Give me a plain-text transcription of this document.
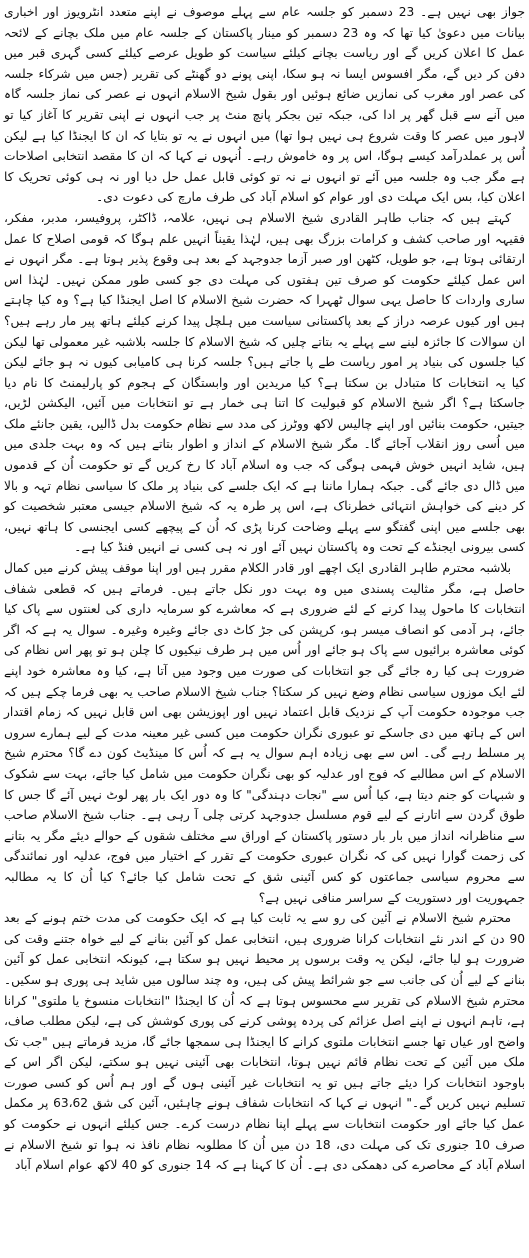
جواز بھی نہیں ہے۔ 23 دسمبر کو جلسہ عام سے پہلے موصوف نے اپنے متعدد انٹرویوز اور اخباری بیانات میں دعویٰ کیا تھا کہ وہ 23 دسمبر کو مینار پاکستان کے جلسہ عام میں ملک بچانے کے لائحہ عمل کا اعلان کریں گے اور ریاست بچانے کیلئے سیاست کو طویل عرصے کیلئے کسی گہری قبر میں دفن کر دیں گے، مگر افسوس ایسا نہ ہو سکا، اپنی پونے دو گھنٹے کی تقریر (جس میں شرکاء جلسہ کی عصر اور مغرب کی نمازیں ضائع ہوئیں اور بقول شیخ الاسلام انہوں نے عصر کی نماز جلسہ گاہ میں آنے سے قبل گھر پر ادا کی، جبکہ تین بجکر پانچ منٹ پر جب انہوں نے اپنی تقریر کا آغاز کیا تو لاہور میں عصر کا وقت شروع ہی نہیں ہوا تھا) میں انہوں نے یہ تو بتایا کہ ان کا ایجنڈا کیا ہے لیکن اُس پر عملدرآمد کیسے ہوگا، اس پر وہ خاموش رہے۔ اُنہوں نے کہا کہ ان کا مقصد انتخابی اصلاحات ہے مگر جب وہ جلسہ میں آئے تو انہوں نے نہ تو کوئی قابل عمل حل دیا اور نہ ہی کوئی تحریک کا اعلان کیا، بس ایک مہلت دی اور عوام کو اسلام آباد کی طرف مارچ کی دعوت دی۔

کہتے ہیں کہ جناب طاہر القادری شیخ الاسلام ہی نہیں، علامہ، ڈاکٹر، پروفیسر، مدبر، مفکر، فقیہہ اور صاحب کشف و کرامات بزرگ بھی ہیں، لہٰذا یقیناً انہیں علم ہوگا کہ قومی اصلاح کا عمل ارتقائی ہوتا ہے، جو طویل، کٹھن اور صبر آزما جدوجہد کے بعد ہی وقوع پذیر ہوتا ہے۔ مگر انہوں نے اس عمل کیلئے حکومت کو صرف تین ہفتوں کی مہلت دی جو کسی طور ممکن نہیں۔ لہٰذا اس ساری واردات کا حاصل یہی سوال ٹھہرا کہ حضرت شیخ الاسلام کا اصل ایجنڈا کیا ہے؟ وہ کیا چاہتے ہیں اور کیوں عرصہ دراز کے بعد پاکستانی سیاست میں ہلچل پیدا کرنے کیلئے ہاتھ پیر مار رہے ہیں؟ ان سوالات کا جائزہ لینے سے پہلے یہ بتاتے چلیں کہ شیخ الاسلام کا جلسہ بلاشبہ غیر معمولی تھا لیکن کیا جلسوں کی بنیاد پر امور ریاست طے پا جاتے ہیں؟ جلسہ کرنا ہی کامیابی کیوں نہ ہو جائے لیکن کیا یہ انتخابات کا متبادل بن سکتا ہے؟ کیا مریدین اور وابستگان کے ہجوم کو پارلیمنٹ کا نام دیا جاسکتا ہے؟ اگر شیخ الاسلام کو قبولیت کا اتنا ہی خمار ہے تو انتخابات میں آئیں، الیکشن لڑیں، جیتیں، حکومت بنائیں اور اپنے چالیس لاکھ ووٹرز کی مدد سے نظام حکومت بدل ڈالیں، یقین جانئے ملک میں اُسی روز انقلاب آجائے گا۔ مگر شیخ الاسلام کے انداز و اطوار بتاتے ہیں کہ وہ بہت جلدی میں ہیں، شاید انہیں خوش فہمی ہوگی کہ جب وہ اسلام آباد کا رخ کریں گے تو حکومت اُن کے قدموں میں ڈال دی جائے گی۔ جبکہ ہمارا ماننا ہے کہ ایک جلسے کی بنیاد پر ملک کا سیاسی نظام تہہ و بالا کر دینے کی خواہش انتہائی خطرناک ہے، اس پر طرہ یہ کہ شیخ الاسلام جیسی معتبر شخصیت کو بھی جلسے میں اپنی گفتگو سے پہلے وضاحت کرنا پڑی کہ اُن کے پیچھے کسی ایجنسی کا ہاتھ نہیں، کسی بیرونی ایجنڈے کے تحت وہ پاکستان نہیں آئے اور نہ ہی کسی نے انہیں فنڈ کیا ہے۔

بلاشبہ محترم طاہر القادری ایک اچھے اور قادر الکلام مقرر ہیں اور اپنا موقف پیش کرنے میں کمال حاصل ہے، مگر مثالیت پسندی میں وہ بہت دور نکل جاتے ہیں۔ فرماتے ہیں کہ قطعی شفاف انتخابات کا ماحول پیدا کرنے کے لئے ضروری ہے کہ معاشرے کو سرمایہ داری کی لعنتوں سے پاک کیا جائے، ہر آدمی کو انصاف میسر ہو، کرپشن کی جڑ کاٹ دی جائے وغیرہ وغیرہ۔ سوال یہ ہے کہ اگر کوئی معاشرہ برائیوں سے پاک ہو جائے اور اُس میں ہر طرف نیکیوں کا چلن ہو تو پھر اس نظام کی ضرورت ہی کیا رہ جائے گی جو انتخابات کی صورت میں وجود میں آتا ہے، کیا وہ معاشرہ خود اپنے لئے ایک موزوں سیاسی نظام وضع نہیں کر سکتا؟ جناب شیخ الاسلام صاحب یہ بھی فرما چکے ہیں کہ جب موجودہ حکومت آپ کے نزدیک قابل اعتماد نہیں اور اپوزیشن بھی اس قابل نہیں کہ زمام اقتدار اس کے ہاتھ میں دی جاسکے تو عبوری نگران حکومت میں کسی غیر معینہ مدت کے لیے ہمارے سروں پر مسلط رہے گی۔ اس سے بھی زیادہ اہم سوال یہ ہے کہ اُس کا مینڈیٹ کون دے گا؟ محترم شیخ الاسلام کے اس مطالبے کہ فوج اور عدلیہ کو بھی نگران حکومت میں شامل کیا جائے، بہت سے شکوک و شبہات کو جنم دیتا ہے، کیا اُس سے "نجات دہندگی" کا وہ دور ایک بار پھر لوٹ نہیں آئے گا جس کا طوق گردن سے اتارنے کے لیے قوم مسلسل جدوجہد کرتی چلی آ رہی ہے۔ جناب شیخ الاسلام صاحب سے مناظرانہ انداز میں بار بار دستور پاکستان کے اوراق سے مختلف شقوں کے حوالے دیئے مگر یہ بتانے کی زحمت گوارا نہیں کی کہ نگران عبوری حکومت کے تقرر کے اختیار میں فوج، عدلیہ اور نمائندگی سے محروم سیاسی جماعتوں کو کس آئینی شق کے تحت شامل کیا جائے؟ کیا اُن کا یہ مطالبہ جمہوریت اور دستوریت کے سراسر منافی نہیں ہے؟

محترم شیخ الاسلام نے آئین کی رو سے یہ ثابت کیا ہے کہ ایک حکومت کی مدت ختم ہونے کے بعد 90 دن کے اندر نئے انتخابات کرانا ضروری ہیں، انتخابی عمل کو آئین بنانے کے لیے خواہ جتنے وقت کی ضرورت ہو لیا جائے، لیکن یہ وقت برسوں پر محیط نہیں ہو سکتا ہے، کیونکہ انتخابی عمل کو آئین بنانے کے لیے اُن کی جانب سے جو شرائط پیش کی ہیں، وہ چند سالوں میں شاید ہی پوری ہو سکیں۔ محترم شیخ الاسلام کی تقریر سے محسوس ہوتا ہے کہ اُن کا ایجنڈا "انتخابات منسوخ یا ملتوی" کرانا ہے، تاہم انہوں نے اپنے اصل عزائم کی پردہ پوشی کرنے کی پوری کوشش کی ہے، لیکن مطلب صاف، واضح اور عیاں تھا جسے انتخابات ملتوی کرانے کا ایجنڈا ہی سمجھا جائے گا، مزید فرماتے ہیں "جب تک ملک میں آئین کے تحت نظام قائم نہیں ہوتا، انتخابات بھی آئینی نہیں ہو سکتے، لیکن اگر اس کے باوجود انتخابات کرا دیئے جاتے ہیں تو یہ انتخابات غیر آئینی ہوں گے اور ہم اُس کو کسی صورت تسلیم نہیں کریں گے۔" انہوں نے کہا کہ انتخابات شفاف ہونے چاہئیں، آئین کی شق 63،62 پر مکمل عمل کیا جائے اور حکومت انتخابات سے پہلے اپنا نظام درست کرے۔ جس کیلئے انہوں نے حکومت کو صرف 10 جنوری تک کی مہلت دی، 18 دن میں اُن کا مطلوبہ نظام نافذ نہ ہوا تو شیخ الاسلام نے اسلام آباد کے محاصرے کی دھمکی دی ہے۔ اُن کا کہنا ہے کہ 14 جنوری کو 40 لاکھ عوام اسلام آباد
